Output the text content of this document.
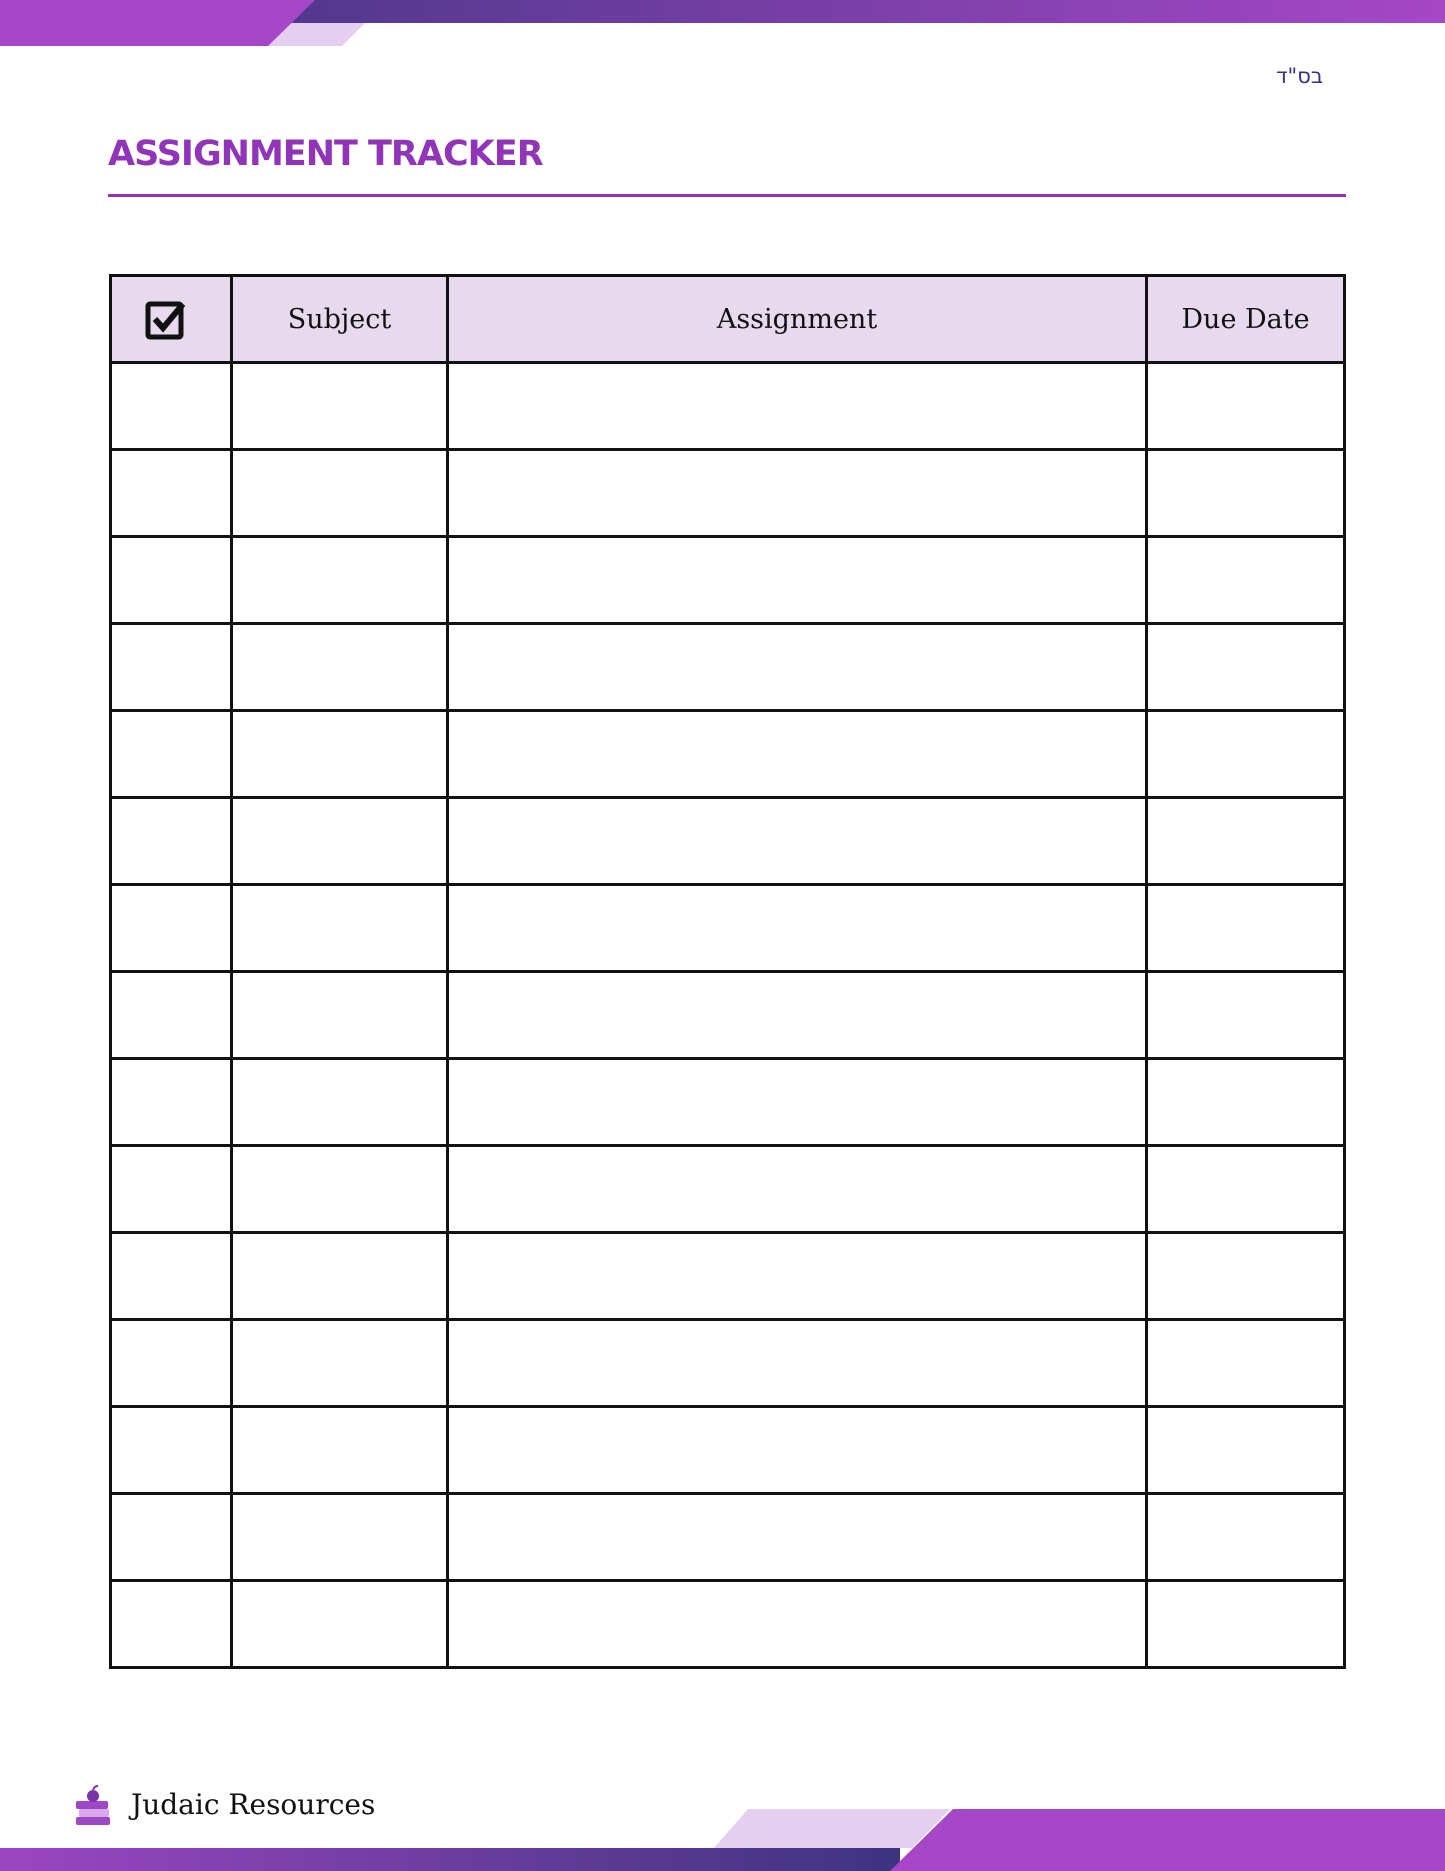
בס"ד
ASSIGNMENT TRACKER
	Subject	Assignment	Due Date

Judaic Resources
